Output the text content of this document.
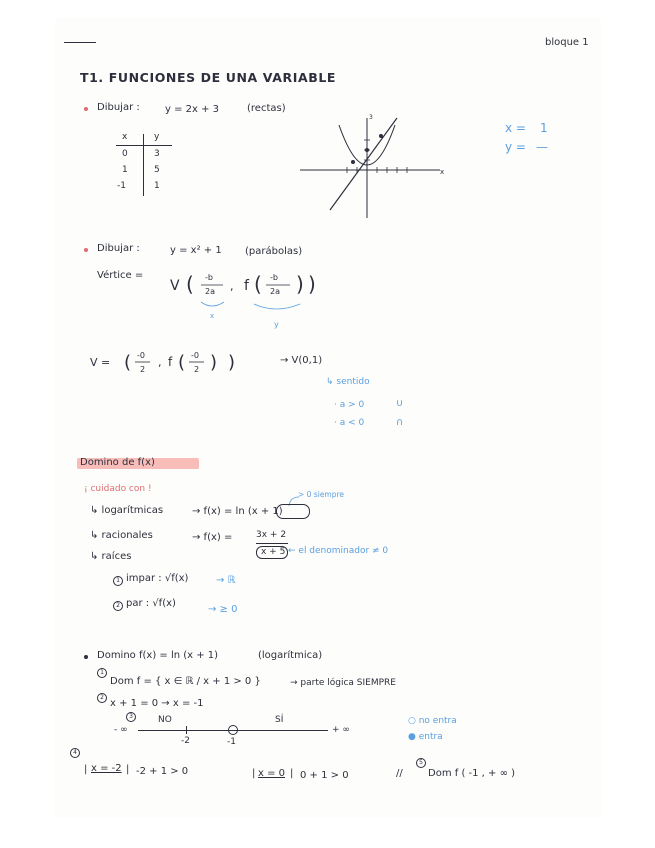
bloque 1
T1. FUNCIONES DE UNA VARIABLE
Dibujar :	y = 2x + 3	(rectas)
x	y
0	3
1	5
-1	1
x
3
x = 1
y = —
Dibujar :	y = x² + 1 (parábolas)
Vértice =
V ( -b
2a , f ( -b
2a ) )
x
y
V = ( -0
2
, f ( -0
2 ) )	→ V(0,1)
↳ sentido
· a > 0	∪
· a < 0	∩
Domino de f(x)
¡ cuidado con !
> 0 siempre
↳ logarítmicas	→ f(x) = ln (x + 1)
↳ racionales	→ f(x) =	3x + 2
x + 5 ← el denominador ≠ 0
↳ raíces
1 impar : √f(x)	→ ℝ
2 par : √f(x)
→ ≥ 0
Domino f(x) = ln (x + 1)	(logarítmica)
1
Dom f = { x ∈ ℝ / x + 1 > 0 }	→ parte lógica SIEMPRE
2
x + 1 = 0 → x = -1
3	NO	SÍ
- ∞	+ ∞
-2	-1
○ no entra
● entra
4
| x = -2 | -2 + 1 > 0	| x = 0 | 0 + 1 > 0	//
5
Dom f ( -1 , + ∞ )
